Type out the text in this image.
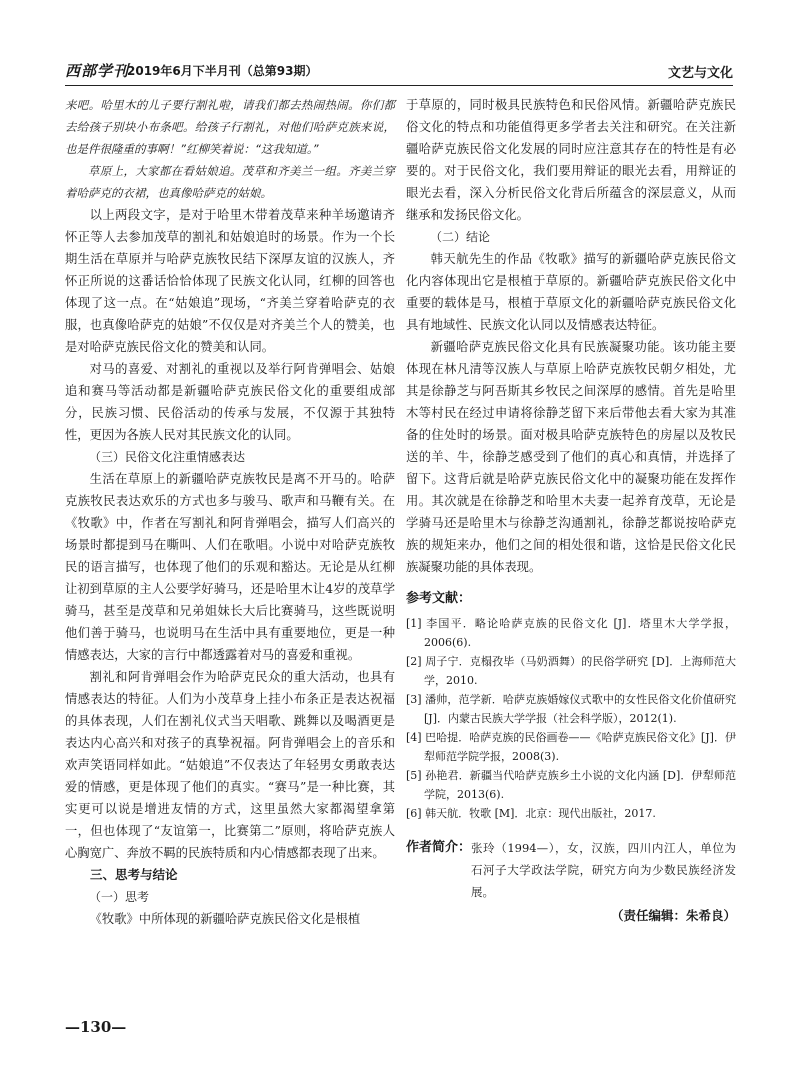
西部学刊
2019年6月下半月刊（总第93期）	文艺与文化

来吧。哈里木的儿子要行割礼啦，请我们都去热闹热闹。你们都去给孩子别块小布条吧。给孩子行割礼，对他们哈萨克族来说，也是件很隆重的事啊！”红柳笑着说：“这我知道。”

草原上，大家都在看姑娘追。茂草和齐美兰一组。齐美兰穿着哈萨克的衣裙，也真像哈萨克的姑娘。

以上两段文字，是对于哈里木带着茂草来种羊场邀请齐怀正等人去参加茂草的割礼和姑娘追时的场景。作为一个长期生活在草原并与哈萨克族牧民结下深厚友谊的汉族人，齐怀正所说的这番话恰恰体现了民族文化认同，红柳的回答也体现了这一点。在“姑娘追”现场，“齐美兰穿着哈萨克的衣服，也真像哈萨克的姑娘”不仅仅是对齐美兰个人的赞美，也是对哈萨克族民俗文化的赞美和认同。

对马的喜爱、对割礼的重视以及举行阿肯弹唱会、姑娘追和赛马等活动都是新疆哈萨克族民俗文化的重要组成部分，民族习惯、民俗活动的传承与发展，不仅源于其独特性，更因为各族人民对其民族文化的认同。

（三）民俗文化注重情感表达

生活在草原上的新疆哈萨克族牧民是离不开马的。哈萨克族牧民表达欢乐的方式也多与骏马、歌声和马鞭有关。在《牧歌》中，作者在写割礼和阿肯弹唱会，描写人们高兴的场景时都提到马在嘶叫、人们在歌唱。小说中对哈萨克族牧民的语言描写，也体现了他们的乐观和豁达。无论是从红柳让初到草原的主人公要学好骑马，还是哈里木让4岁的茂草学骑马，甚至是茂草和兄弟姐妹长大后比赛骑马，这些既说明他们善于骑马，也说明马在生活中具有重要地位，更是一种情感表达，大家的言行中都透露着对马的喜爱和重视。

割礼和阿肯弹唱会作为哈萨克民众的重大活动，也具有情感表达的特征。人们为小茂草身上挂小布条正是表达祝福的具体表现，人们在割礼仪式当天唱歌、跳舞以及喝酒更是表达内心高兴和对孩子的真挚祝福。阿肯弹唱会上的音乐和欢声笑语同样如此。“姑娘追”不仅表达了年轻男女勇敢表达爱的情感，更是体现了他们的真实。“赛马”是一种比赛，其实更可以说是增进友情的方式，这里虽然大家都渴望拿第一，但也体现了“友谊第一，比赛第二”原则，将哈萨克族人心胸宽广、奔放不羁的民族特质和内心情感都表现了出来。

三、思考与结论

（一）思考

《牧歌》中所体现的新疆哈萨克族民俗文化是根植

于草原的，同时极具民族特色和民俗风情。新疆哈萨克族民俗文化的特点和功能值得更多学者去关注和研究。在关注新疆哈萨克族民俗文化发展的同时应注意其存在的特性是有必要的。对于民俗文化，我们要用辩证的眼光去看，用辩证的眼光去看，深入分析民俗文化背后所蕴含的深层意义，从而继承和发扬民俗文化。

（二）结论

韩天航先生的作品《牧歌》描写的新疆哈萨克族民俗文化内容体现出它是根植于草原的。新疆哈萨克族民俗文化中重要的载体是马，根植于草原文化的新疆哈萨克族民俗文化具有地域性、民族文化认同以及情感表达特征。

新疆哈萨克族民俗文化具有民族凝聚功能。该功能主要体现在林凡清等汉族人与草原上哈萨克族牧民朝夕相处，尤其是徐静芝与阿吾斯其乡牧民之间深厚的感情。首先是哈里木等村民在经过申请将徐静芝留下来后带他去看大家为其准备的住处时的场景。面对极具哈萨克族特色的房屋以及牧民送的羊、牛，徐静芝感受到了他们的真心和真情，并选择了留下。这背后就是哈萨克族民俗文化中的凝聚功能在发挥作用。其次就是在徐静芝和哈里木夫妻一起养育茂草，无论是学骑马还是哈里木与徐静芝沟通割礼，徐静芝都说按哈萨克族的规矩来办，他们之间的相处很和谐，这恰是民俗文化民族凝聚功能的具体表现。

参考文献：

[1] 李国平．略论哈萨克族的民俗文化 [J]．塔里木大学学报，2006(6).

[2] 周子宁．克榻孜毕（马奶酒舞）的民俗学研究 [D]．上海师范大学，2010.

[3] 潘帅，范学新．哈萨克族婚嫁仪式歌中的女性民俗文化价值研究 [J]．内蒙古民族大学学报（社会科学版），2012(1).

[4] 巴哈提．哈萨克族的民俗画卷——《哈萨克族民俗文化》[J]．伊犁师范学院学报，2008(3).

[5] 孙艳君．新疆当代哈萨克族乡土小说的文化内涵 [D]．伊犁师范学院，2013(6).

[6] 韩天航．牧歌 [M]．北京：现代出版社，2017.

作者简介： 张玲（1994—），女，汉族，四川内江人，单位为石河子大学政法学院，研究方向为少数民族经济发展。

（责任编辑：朱希良）

—130—
